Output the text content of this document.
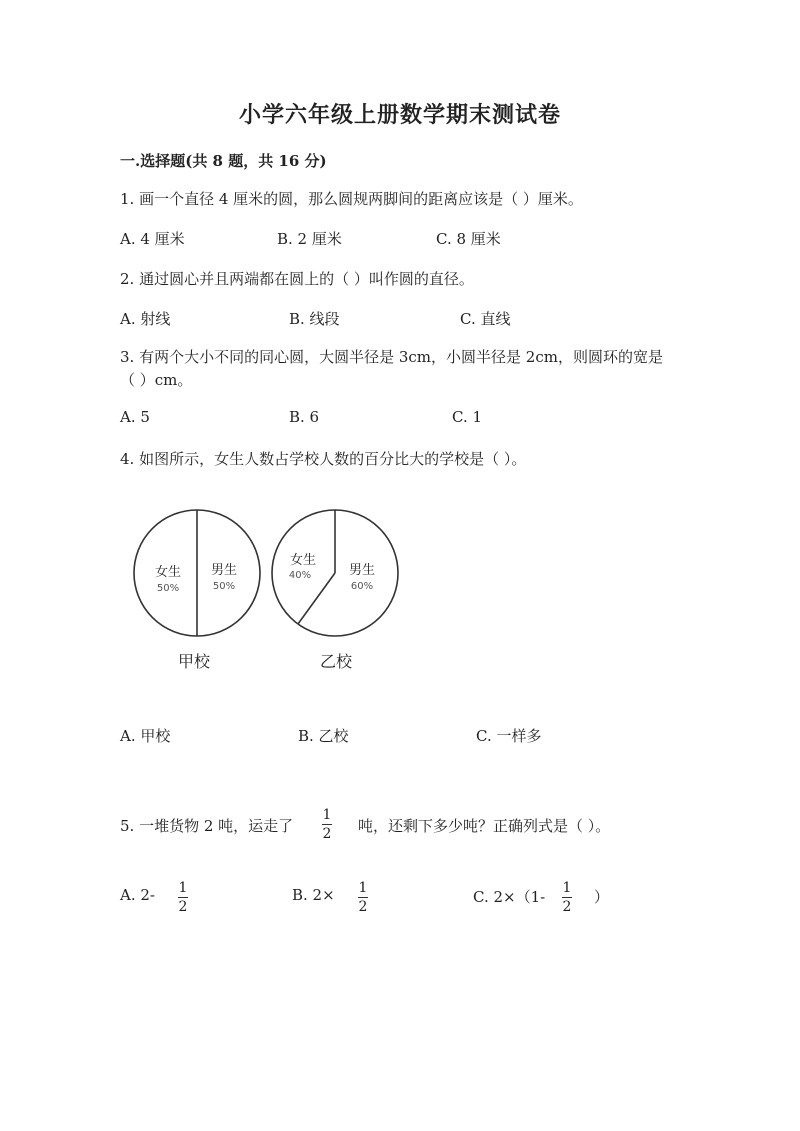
小学六年级上册数学期末测试卷
一.选择题(共 8 题，共 16 分)
1. 画一个直径 4 厘米的圆，那么圆规两脚间的距离应该是（ ）厘米。
A. 4 厘米	B. 2 厘米	C. 8 厘米
2. 通过圆心并且两端都在圆上的（ ）叫作圆的直径。
A. 射线	B. 线段	C. 直线
3. 有两个大小不同的同心圆，大圆半径是 3cm，小圆半径是 2cm，则圆环的宽是
（ ）cm。
A. 5	B. 6	C. 1
4. 如图所示，女生人数占学校人数的百分比大的学校是（ ）。
女生
50%
男生
50%
甲校
女生
40%	男生
60%
乙校
A. 甲校	B. 乙校	C. 一样多
5. 一堆货物 2 吨，运走了
1
2 吨，还剩下多少吨？正确列式是（ ）。
A. 2- 1
2
B. 2× 1
2
C. 2×（1- 1
2
）
